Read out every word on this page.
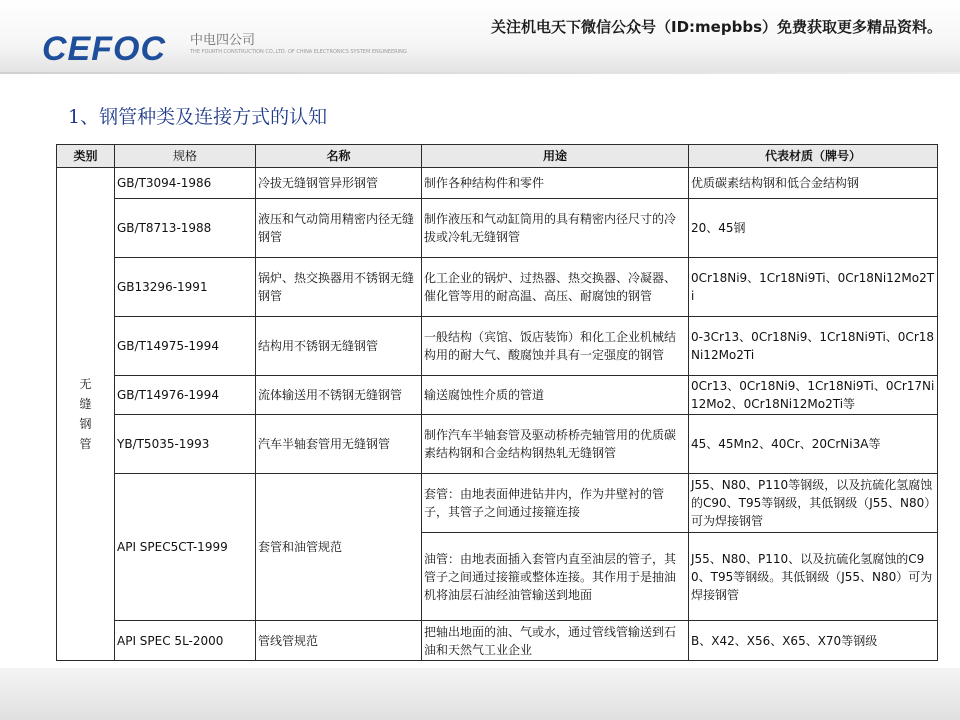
CEFOC 中电四公司
THE FOURTH CONSTRUCTION CO.,LTD. OF CHINA ELECTRONICS SYSTEM ENGINEERING
关注机电天下微信公众号（ID:mepbbs）免费获取更多精品资料。
1、钢管种类及连接方式的认知
类别	规格	名称	用途	代表材质（牌号）
无缝钢管	GB/T3094-1986	冷拔无缝钢管异形钢管	制作各种结构件和零件	优质碳素结构钢和低合金结构钢
	GB/T8713-1988	液压和气动筒用精密内径无缝钢管	制作液压和气动缸筒用的具有精密内径尺寸的冷拔或冷轧无缝钢管	20、45钢
	GB13296-1991	锅炉、热交换器用不锈钢无缝钢管	化工企业的锅炉、过热器、热交换器、冷凝器、催化管等用的耐高温、高压、耐腐蚀的钢管	0Cr18Ni9、1Cr18Ni9Ti、0Cr18Ni12Mo2Ti
	GB/T14975-1994	结构用不锈钢无缝钢管	一般结构（宾馆、饭店装饰）和化工企业机械结构用的耐大气、酸腐蚀并具有一定强度的钢管	0-3Cr13、0Cr18Ni9、1Cr18Ni9Ti、0Cr18Ni12Mo2Ti
	GB/T14976-1994	流体输送用不锈钢无缝钢管	输送腐蚀性介质的管道	0Cr13、0Cr18Ni9、1Cr18Ni9Ti、0Cr17Ni12Mo2、0Cr18Ni12Mo2Ti等
	YB/T5035-1993	汽车半轴套管用无缝钢管	制作汽车半轴套管及驱动桥桥壳轴管用的优质碳素结构钢和合金结构钢热轧无缝钢管	45、45Mn2、40Cr、20CrNi3A等
	API SPEC5CT-1999	套管和油管规范	套管：由地表面伸进钻井内，作为井壁衬的管子，其管子之间通过接箍连接	J55、N80、P110等钢级，以及抗硫化氢腐蚀的C90、T95等钢级，其低钢级（J55、N80）可为焊接钢管
			油管：由地表面插入套管内直至油层的管子，其管子之间通过接箍或整体连接。其作用于是抽油机将油层石油经油管输送到地面	J55、N80、P110、以及抗硫化氢腐蚀的C90、T95等钢级。其低钢级（J55、N80）可为焊接钢管
	API SPEC 5L-2000	管线管规范	把轴出地面的油、气或水，通过管线管输送到石油和天然气工业企业	B、X42、X56、X65、X70等钢级
